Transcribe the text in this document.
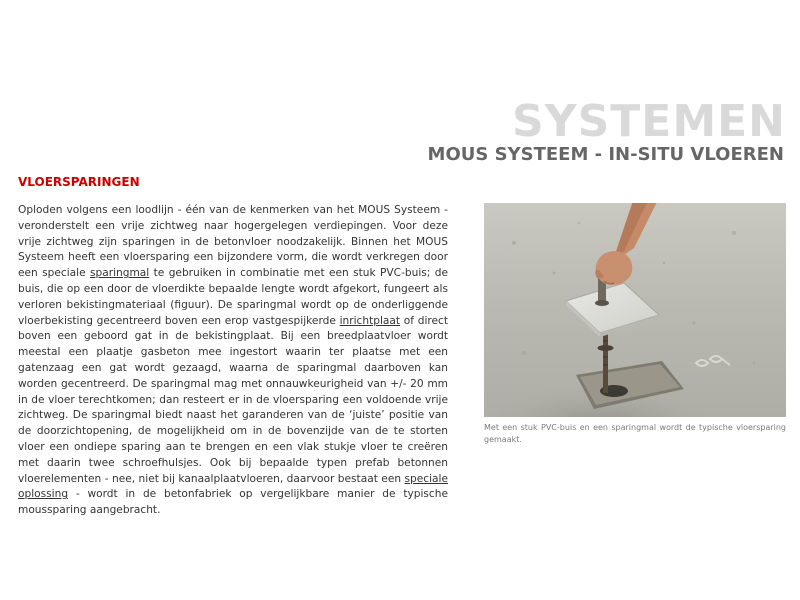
SYSTEMEN
MOUS SYSTEEM - IN-SITU VLOEREN
VLOERSPARINGEN

Oploden volgens een loodlijn - één van de kenmerken van het MOUS Systeem - veronderstelt een vrije zichtweg naar hogergelegen verdiepingen. Voor deze vrije zichtweg zijn sparingen in de betonvloer noodzakelijk. Binnen het MOUS Systeem heeft een vloersparing een bijzondere vorm, die wordt verkregen door een speciale sparingmal te gebruiken in combinatie met een stuk PVC-buis; de buis, die op een door de vloerdikte bepaalde lengte wordt afgekort, fungeert als verloren bekistingmateriaal (figuur). De sparingmal wordt op de onderliggende vloerbekisting gecentreerd boven een erop vastgespijkerde inrichtplaat of direct boven een geboord gat in de bekistingplaat. Bij een breedplaatvloer wordt meestal een plaatje gasbeton mee ingestort waarin ter plaatse met een gatenzaag een gat wordt gezaagd, waarna de sparingmal daarboven kan worden gecentreerd. De sparingmal mag met onnauwkeurigheid van +/- 20 mm in de vloer terechtkomen; dan resteert er in de vloersparing een voldoende vrije zichtweg. De sparingmal biedt naast het garanderen van de ‘juiste’ positie van de doorzichtopening, de mogelijkheid om in de bovenzijde van de te storten vloer een ondiepe sparing aan te brengen en een vlak stukje vloer te creëren met daarin twee schroefhulsjes. Ook bij bepaalde typen prefab betonnen vloerelementen - nee, niet bij kanaalplaatvloeren, daarvoor bestaat een speciale oplossing - wordt in de betonfabriek op vergelijkbare manier de typische moussparing aangebracht.

Met een stuk PVC-buis en een sparingmal wordt de typische vloersparing gemaakt.
